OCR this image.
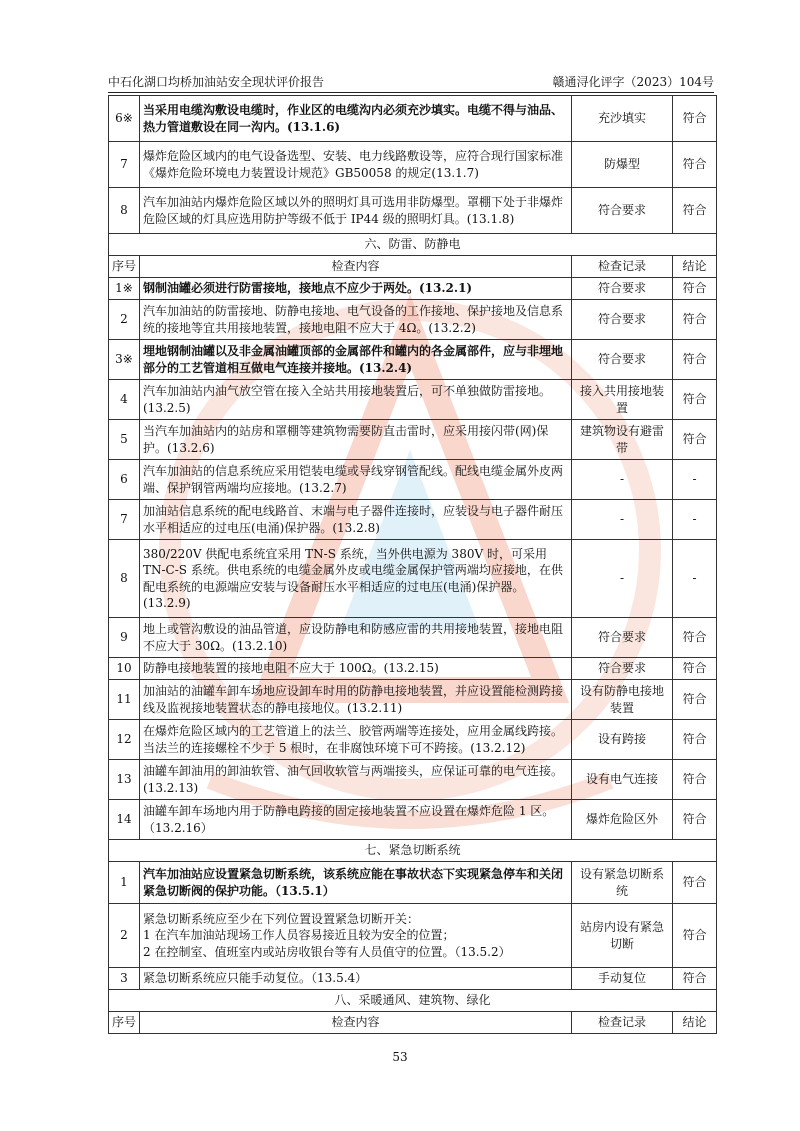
中石化湖口均桥加油站安全现状评价报告	赣通浔化评字（2023）104号
6※	当采用电缆沟敷设电缆时，作业区的电缆沟内必须充沙填实。电缆不得与油品、热力管道敷设在同一沟内。(13.1.6)	充沙填实	符合
7	爆炸危险区域内的电气设备选型、安装、电力线路敷设等，应符合现行国家标准《爆炸危险环境电力装置设计规范》GB50058 的规定(13.1.7)	防爆型	符合
8	汽车加油站内爆炸危险区域以外的照明灯具可选用非防爆型。罩棚下处于非爆炸危险区域的灯具应选用防护等级不低于 IP44 级的照明灯具。(13.1.8)	符合要求	符合
六、防雷、防静电			
序号	检查内容	检查记录	结论
1※	钢制油罐必须进行防雷接地，接地点不应少于两处。(13.2.1)	符合要求	符合
2	汽车加油站的防雷接地、防静电接地、电气设备的工作接地、保护接地及信息系统的接地等宜共用接地装置，接地电阻不应大于 4Ω。(13.2.2)	符合要求	符合
3※	埋地钢制油罐以及非金属油罐顶部的金属部件和罐内的各金属部件，应与非埋地部分的工艺管道相互做电气连接并接地。(13.2.4)	符合要求	符合
4	汽车加油站内油气放空管在接入全站共用接地装置后，可不单独做防雷接地。(13.2.5)	接入共用接地装置	符合
5	当汽车加油站内的站房和罩棚等建筑物需要防直击雷时，应采用接闪带(网)保护。(13.2.6)	建筑物设有避雷带	符合
6	汽车加油站的信息系统应采用铠装电缆或导线穿钢管配线。配线电缆金属外皮两端、保护钢管两端均应接地。(13.2.7)	-	-
7	加油站信息系统的配电线路首、末端与电子器件连接时，应装设与电子器件耐压水平相适应的过电压(电涌)保护器。(13.2.8)	-	-
8	380/220V 供配电系统宜采用 TN-S 系统，当外供电源为 380V 时，可采用 TN-C-S 系统。供电系统的电缆金属外皮或电缆金属保护管两端均应接地，在供配电系统的电源端应安装与设备耐压水平相适应的过电压(电涌)保护器。(13.2.9)	-	-
9	地上或管沟敷设的油品管道，应设防静电和防感应雷的共用接地装置，接地电阻不应大于 30Ω。(13.2.10)	符合要求	符合
10	防静电接地装置的接地电阻不应大于 100Ω。(13.2.15)	符合要求	符合
11	加油站的油罐车卸车场地应设卸车时用的防静电接地装置，并应设置能检测跨接线及监视接地装置状态的静电接地仪。(13.2.11)	设有防静电接地装置	符合
12	在爆炸危险区域内的工艺管道上的法兰、胶管两端等连接处，应用金属线跨接。当法兰的连接螺栓不少于 5 根时，在非腐蚀环境下可不跨接。(13.2.12)	设有跨接	符合
13	油罐车卸油用的卸油软管、油气回收软管与两端接头，应保证可靠的电气连接。(13.2.13)	设有电气连接	符合
14	油罐车卸车场地内用于防静电跨接的固定接地装置不应设置在爆炸危险 1 区。（13.2.16）	爆炸危险区外	符合
七、紧急切断系统			
1	汽车加油站应设置紧急切断系统，该系统应能在事故状态下实现紧急停车和关闭紧急切断阀的保护功能。（13.5.1）	设有紧急切断系统	符合
2	紧急切断系统应至少在下列位置设置紧急切断开关：
1 在汽车加油站现场工作人员容易接近且较为安全的位置；
2 在控制室、值班室内或站房收银台等有人员值守的位置。（13.5.2）	站房内设有紧急切断	符合
3	紧急切断系统应只能手动复位。（13.5.4）	手动复位	符合
八、采暖通风、建筑物、绿化			
序号	检查内容	检查记录	结论
53
